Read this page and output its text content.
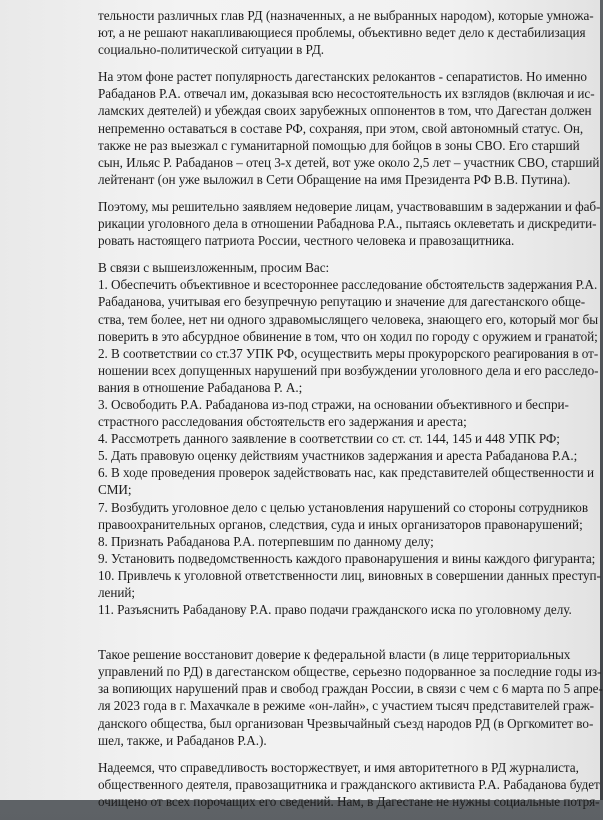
тельности различных глав РД (назначенных, а не выбранных народом), которые умножа-
ют, а не решают накапливающиеся проблемы, объективно ведет дело к дестабилизация
социально-политической ситуации в РД.
На этом фоне растет популярность дагестанских релокантов - сепаратистов. Но именно
Рабаданов Р.А. отвечал им, доказывая всю несостоятельность их взглядов (включая и ис-
ламских деятелей) и убеждая своих зарубежных оппонентов в том, что Дагестан должен
непременно оставаться в составе РФ, сохраняя, при этом, свой автономный статус. Он,
также не раз выезжал с гуманитарной помощью для бойцов в зоны СВО. Его старший
сын, Ильяс Р. Рабаданов – отец 3-х детей, вот уже около 2,5 лет – участник СВО, старший
лейтенант (он уже выложил в Сети Обращение на имя Президента РФ В.В. Путина).
Поэтому, мы решительно заявляем недоверие лицам, участвовавшим в задержании и фаб-
рикации уголовного дела в отношении Рабаднова Р.А., пытаясь оклеветать и дискредити-
ровать настоящего патриота России, честного человека и правозащитника.
В связи с вышеизложенным, просим Вас:
1. Обеспечить объективное и всестороннее расследование обстоятельств задержания Р.А.
Рабаданова, учитывая его безупречную репутацию и значение для дагестанского обще-
ства, тем более, нет ни одного здравомыслящего человека, знающего его, который мог бы
поверить в это абсурдное обвинение в том, что он ходил по городу с оружием и гранатой;
2. В соответствии со ст.37 УПК РФ, осуществить меры прокурорского реагирования в от-
ношении всех допущенных нарушений при возбуждении уголовного дела и его расследо-
вания в отношение Рабаданова Р. А.;
3. Освободить Р.А. Рабаданова из-под стражи, на основании объективного и беспри-
страстного расследования обстоятельств его задержания и ареста;
4. Рассмотреть данного заявление в соответствии со ст. ст. 144, 145 и 448 УПК РФ;
5. Дать правовую оценку действиям участников задержания и ареста Рабаданова Р.А.;
6. В ходе проведения проверок задействовать нас, как представителей общественности и
СМИ;
7. Возбудить уголовное дело с целью установления нарушений со стороны сотрудников
правоохранительных органов, следствия, суда и иных организаторов правонарушений;
8. Признать Рабаданова Р.А. потерпевшим по данному делу;
9. Установить подведомственность каждого правонарушения и вины каждого фигуранта;
10. Привлечь к уголовной ответственности лиц, виновных в совершении данных преступ-
лений;
11. Разъяснить Рабаданову Р.А. право подачи гражданского иска по уголовному делу.
Такое решение восстановит доверие к федеральной власти (в лице территориальных
управлений по РД) в дагестанском обществе, серьезно подорванное за последние годы из-
за вопиющих нарушений прав и свобод граждан России, в связи с чем с 6 марта по 5 апре-
ля 2023 года в г. Махачкале в режиме «он-лайн», с участием тысяч представителей граж-
данского общества, был организован Чрезвычайный съезд народов РД (в Оргкомитет во-
шел, также, и Рабаданов Р.А.).
Надеемся, что справедливость восторжествует, и имя авторитетного в РД журналиста,
общественного деятеля, правозащитника и гражданского активиста Р.А. Рабаданова будет
очищено от всех порочащих его сведений. Нам, в Дагестане не нужны социальные потря-
